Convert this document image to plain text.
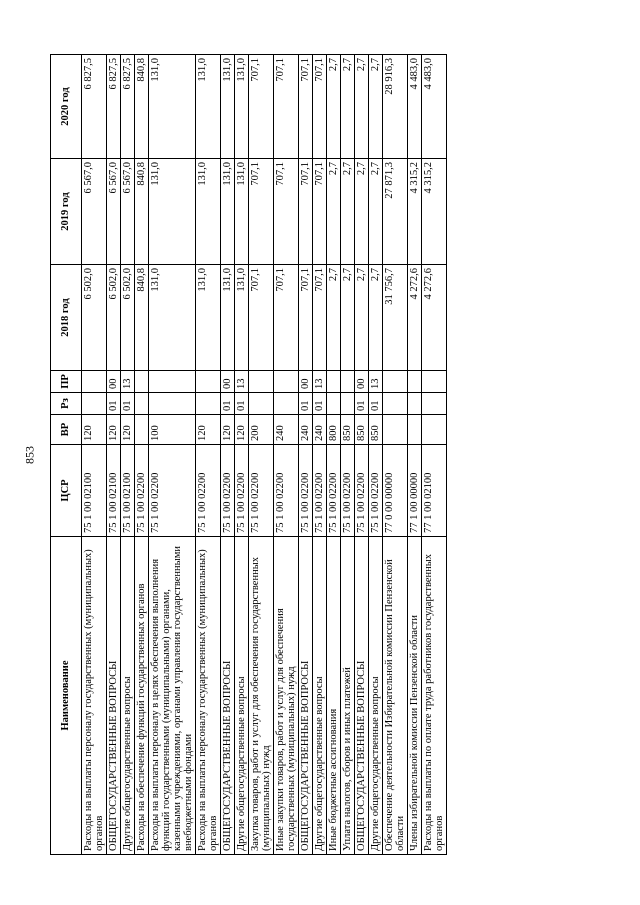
853
Наименование	ЦСР	ВР	Рз	ПР	2018 год	2019 год	2020 год
Расходы на выплаты персоналу государственных (муниципальных) органов	75 1 00 02100	120			6 502,0	6 567,0	6 827,5
ОБЩЕГОСУДАРСТВЕННЫЕ ВОПРОСЫ	75 1 00 02100	120	01	00	6 502,0	6 567,0	6 827,5
Другие общегосударственные вопросы	75 1 00 02100	120	01	13	6 502,0	6 567,0	6 827,5
Расходы на обеспечение функций государственных органов	75 1 00 02200				840,8	840,8	840,8
Расходы на выплаты персоналу в целях обеспечения выполнения функций государственными (муниципальными) органами, казенными учреждениями, органами управления государственными внебюджетными фондами	75 1 00 02200	100			131,0	131,0	131,0
Расходы на выплаты персоналу государственных (муниципальных) органов	75 1 00 02200	120			131,0	131,0	131,0
ОБЩЕГОСУДАРСТВЕННЫЕ ВОПРОСЫ	75 1 00 02200	120	01	00	131,0	131,0	131,0
Другие общегосударственные вопросы	75 1 00 02200	120	01	13	131,0	131,0	131,0
Закупка товаров, работ и услуг для обеспечения государственных (муниципальных) нужд	75 1 00 02200	200			707,1	707,1	707,1
Иные закупки товаров, работ и услуг для обеспечения государственных (муниципальных) нужд	75 1 00 02200	240			707,1	707,1	707,1
ОБЩЕГОСУДАРСТВЕННЫЕ ВОПРОСЫ	75 1 00 02200	240	01	00	707,1	707,1	707,1
Другие общегосударственные вопросы	75 1 00 02200	240	01	13	707,1	707,1	707,1
Иные бюджетные ассигнования	75 1 00 02200	800			2,7	2,7	2,7
Уплата налогов, сборов и иных платежей	75 1 00 02200	850			2,7	2,7	2,7
ОБЩЕГОСУДАРСТВЕННЫЕ ВОПРОСЫ	75 1 00 02200	850	01	00	2,7	2,7	2,7
Другие общегосударственные вопросы	75 1 00 02200	850	01	13	2,7	2,7	2,7
Обеспечение деятельности Избирательной комиссии Пензенской области	77 0 00 00000				31 756,7	27 871,3	28 916,3
Члены избирательной комиссии Пензенской области	77 1 00 00000				4 272,6	4 315,2	4 483,0
Расходы на выплаты по оплате труда работников государственных органов	77 1 00 02100				4 272,6	4 315,2	4 483,0
